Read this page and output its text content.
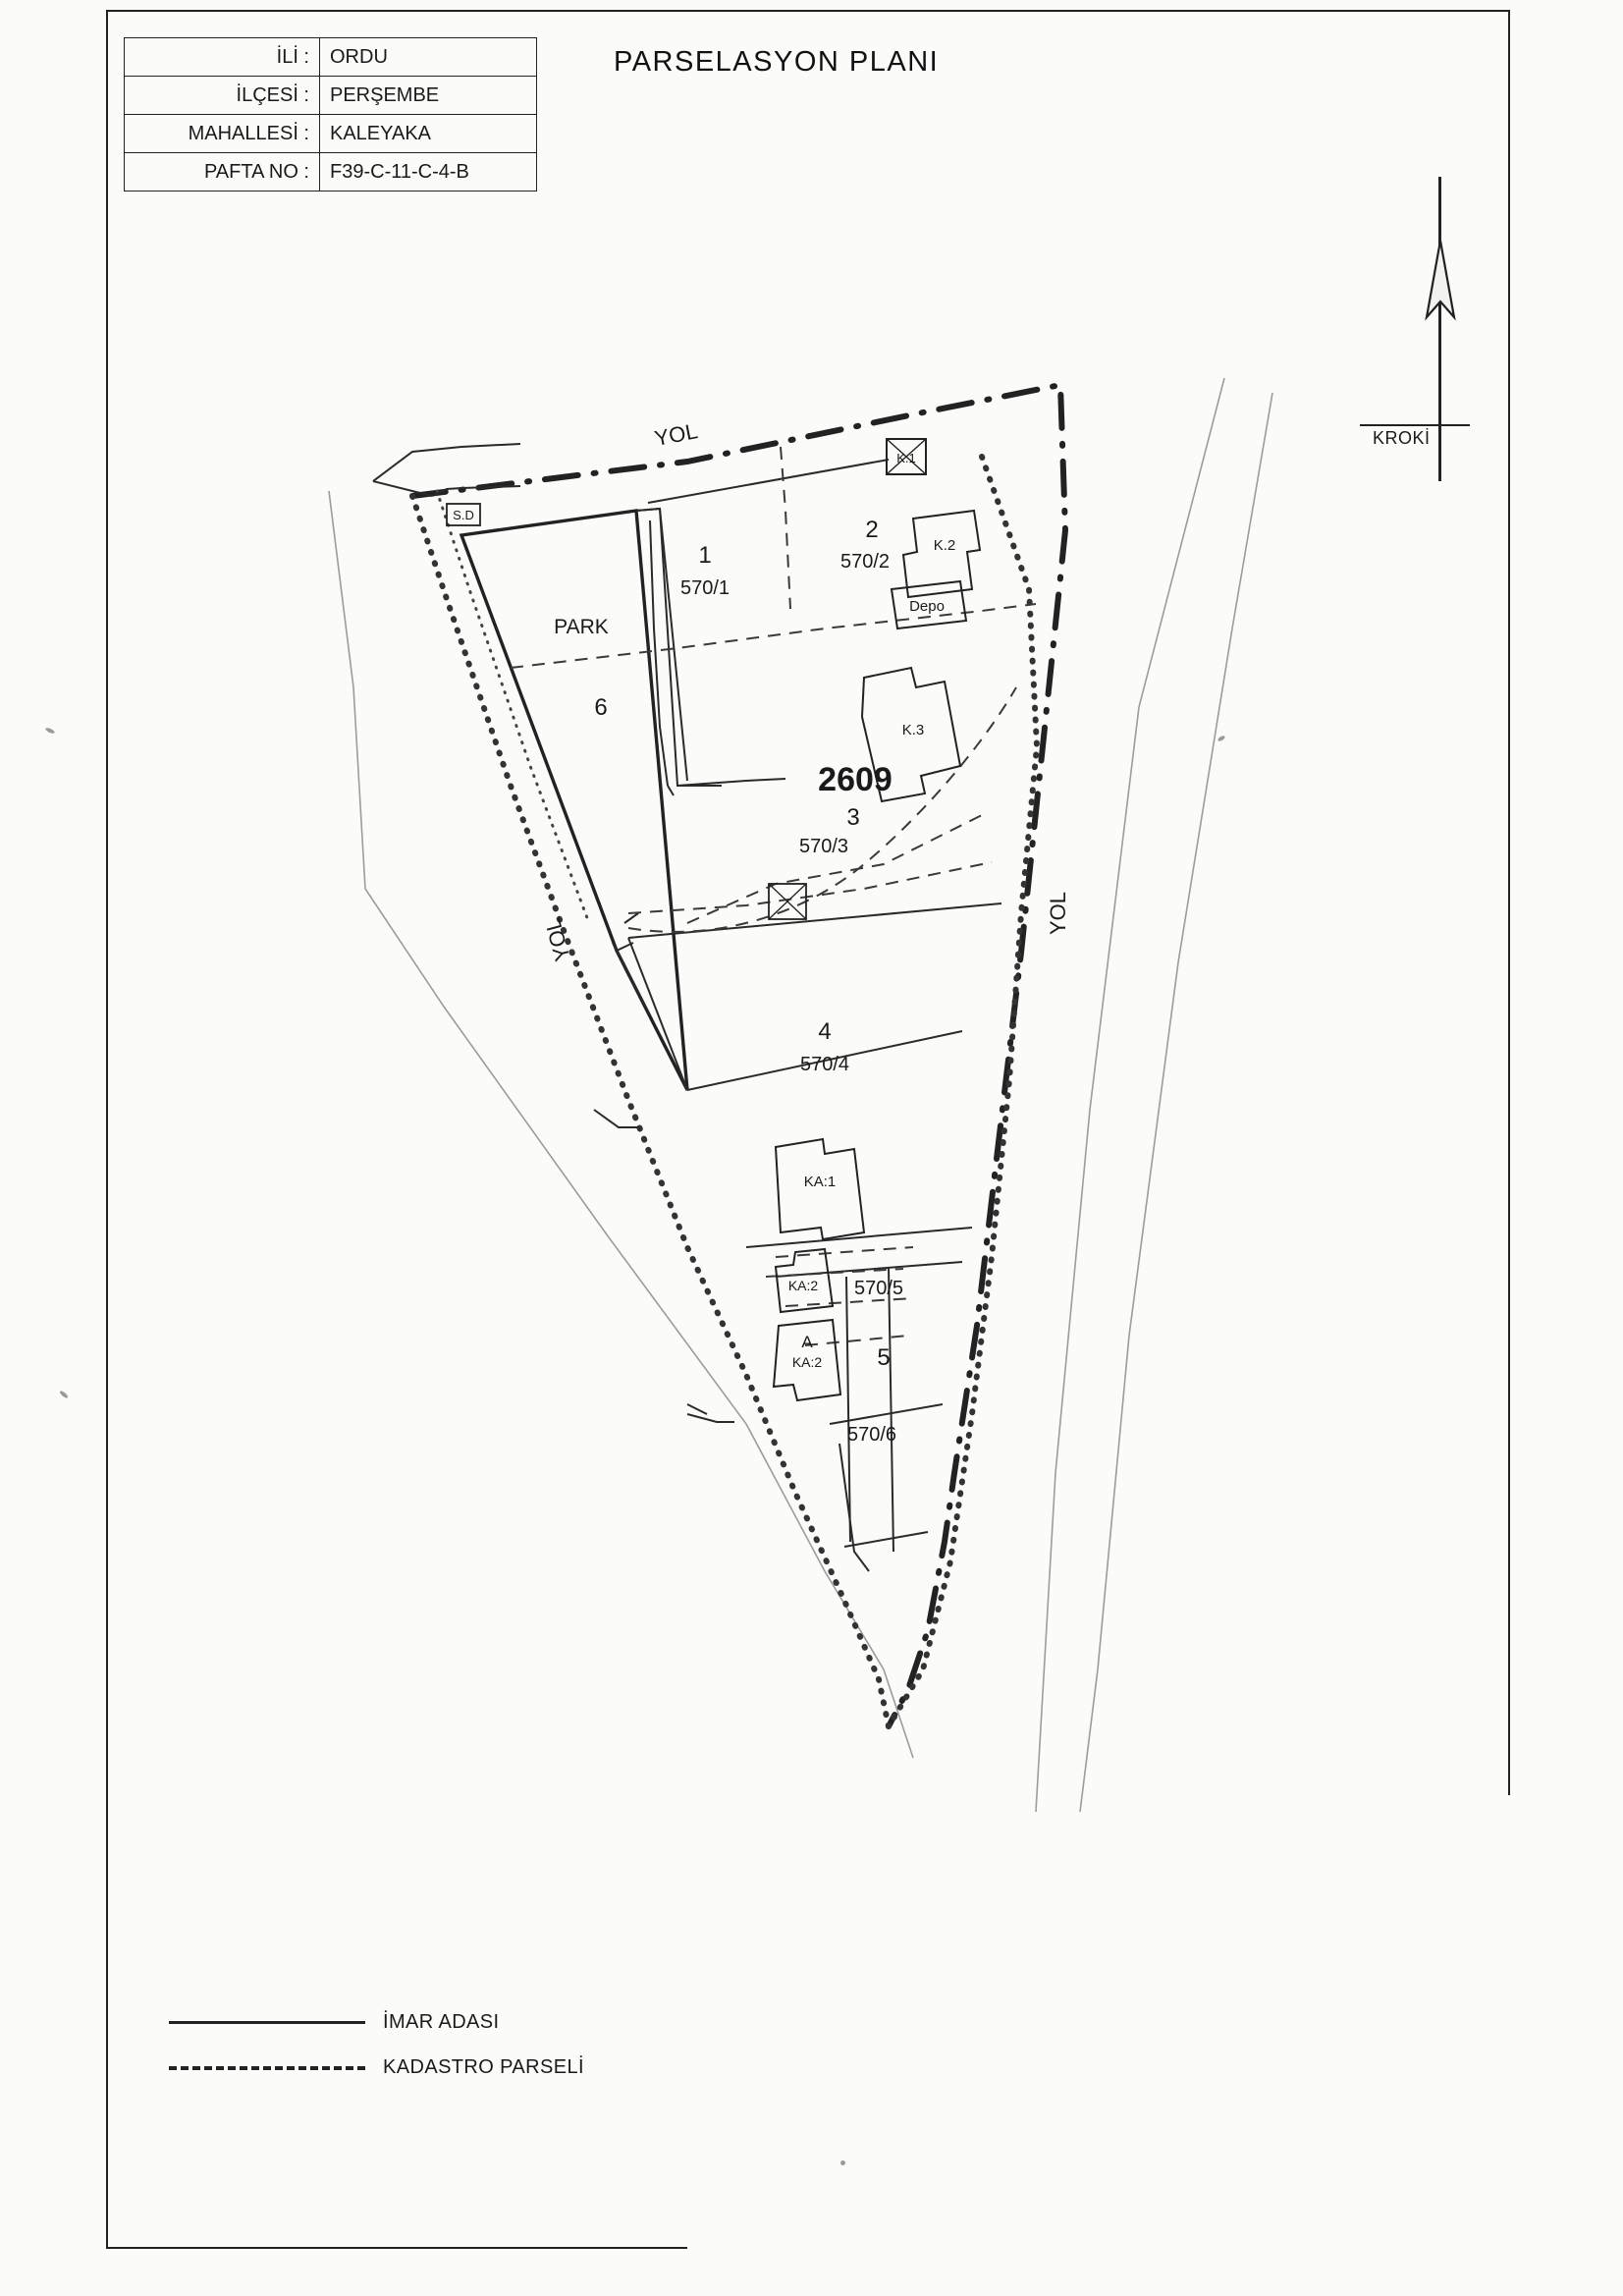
İLİ :	ORDU
İLÇESİ :	PERŞEMBE
MAHALLESİ :	KALEYAKA
PAFTA NO :	F39-C-11-C-4-B
PARSELASYON PLANI
KROKİ
K.1
S.D
K.2
Depo
K.3
KA:1
KA:2
A
KA:2
2609
1
570/1
2
570/2
3
570/3
4
570/4
570/5
5
570/6
PARK
6
YOL
YOL
YOL
İMAR ADASI
KADASTRO PARSELİ
